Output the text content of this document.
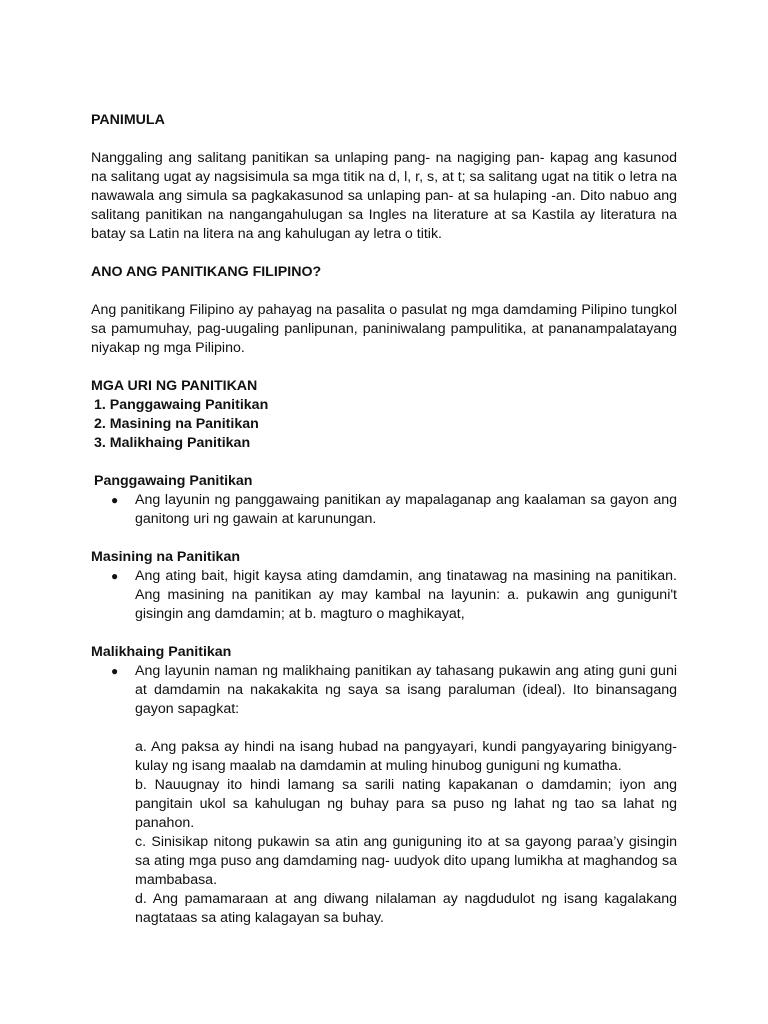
PANIMULA

Nanggaling ang salitang panitikan sa unlaping pang- na nagiging pan- kapag ang kasunod na salitang ugat ay nagsisimula sa mga titik na d, l, r, s, at t; sa salitang ugat na titik o letra na nawawala ang simula sa pagkakasunod sa unlaping pan- at sa hulaping -an. Dito nabuo ang salitang panitikan na nangangahulugan sa Ingles na literature at sa Kastila ay literatura na batay sa Latin na litera na ang kahulugan ay letra o titik.

ANO ANG PANITIKANG FILIPINO?

Ang panitikang Filipino ay pahayag na pasalita o pasulat ng mga damdaming Pilipino tungkol sa pamumuhay, pag-uugaling panlipunan, paniniwalang pampulitika, at pananampalatayang niyakap ng mga Pilipino.

MGA URI NG PANITIKAN

1. Panggawaing Panitikan
2. Masining na Panitikan
3. Malikhaing Panitikan

Panggawaing Panitikan

● Ang layunin ng panggawaing panitikan ay mapalaganap ang kaalaman sa gayon ang ganitong uri ng gawain at karunungan.

Masining na Panitikan

● Ang ating bait, higit kaysa ating damdamin, ang tinatawag na masining na panitikan. Ang masining na panitikan ay may kambal na layunin: a. pukawin ang guniguni't gisingin ang damdamin; at b. magturo o maghikayat,

Malikhaing Panitikan

● Ang layunin naman ng malikhaing panitikan ay tahasang pukawin ang ating guni guni at damdamin na nakakakita ng saya sa isang paraluman (ideal). Ito binansagang gayon sapagkat:

a. Ang paksa ay hindi na isang hubad na pangyayari, kundi pangyayaring binigyang-kulay ng isang maalab na damdamin at muling hinubog guniguni ng kumatha.

b. Nauugnay ito hindi lamang sa sarili nating kapakanan o damdamin; iyon ang pangitain ukol sa kahulugan ng buhay para sa puso ng lahat ng tao sa lahat ng panahon.

c. Sinisikap nitong pukawin sa atin ang guniguning ito at sa gayong paraa’y gisingin sa ating mga puso ang damdaming nag- uudyok dito upang lumikha at maghandog sa mambabasa.

d. Ang pamamaraan at ang diwang nilalaman ay nagdudulot ng isang kagalakang nagtataas sa ating kalagayan sa buhay.
